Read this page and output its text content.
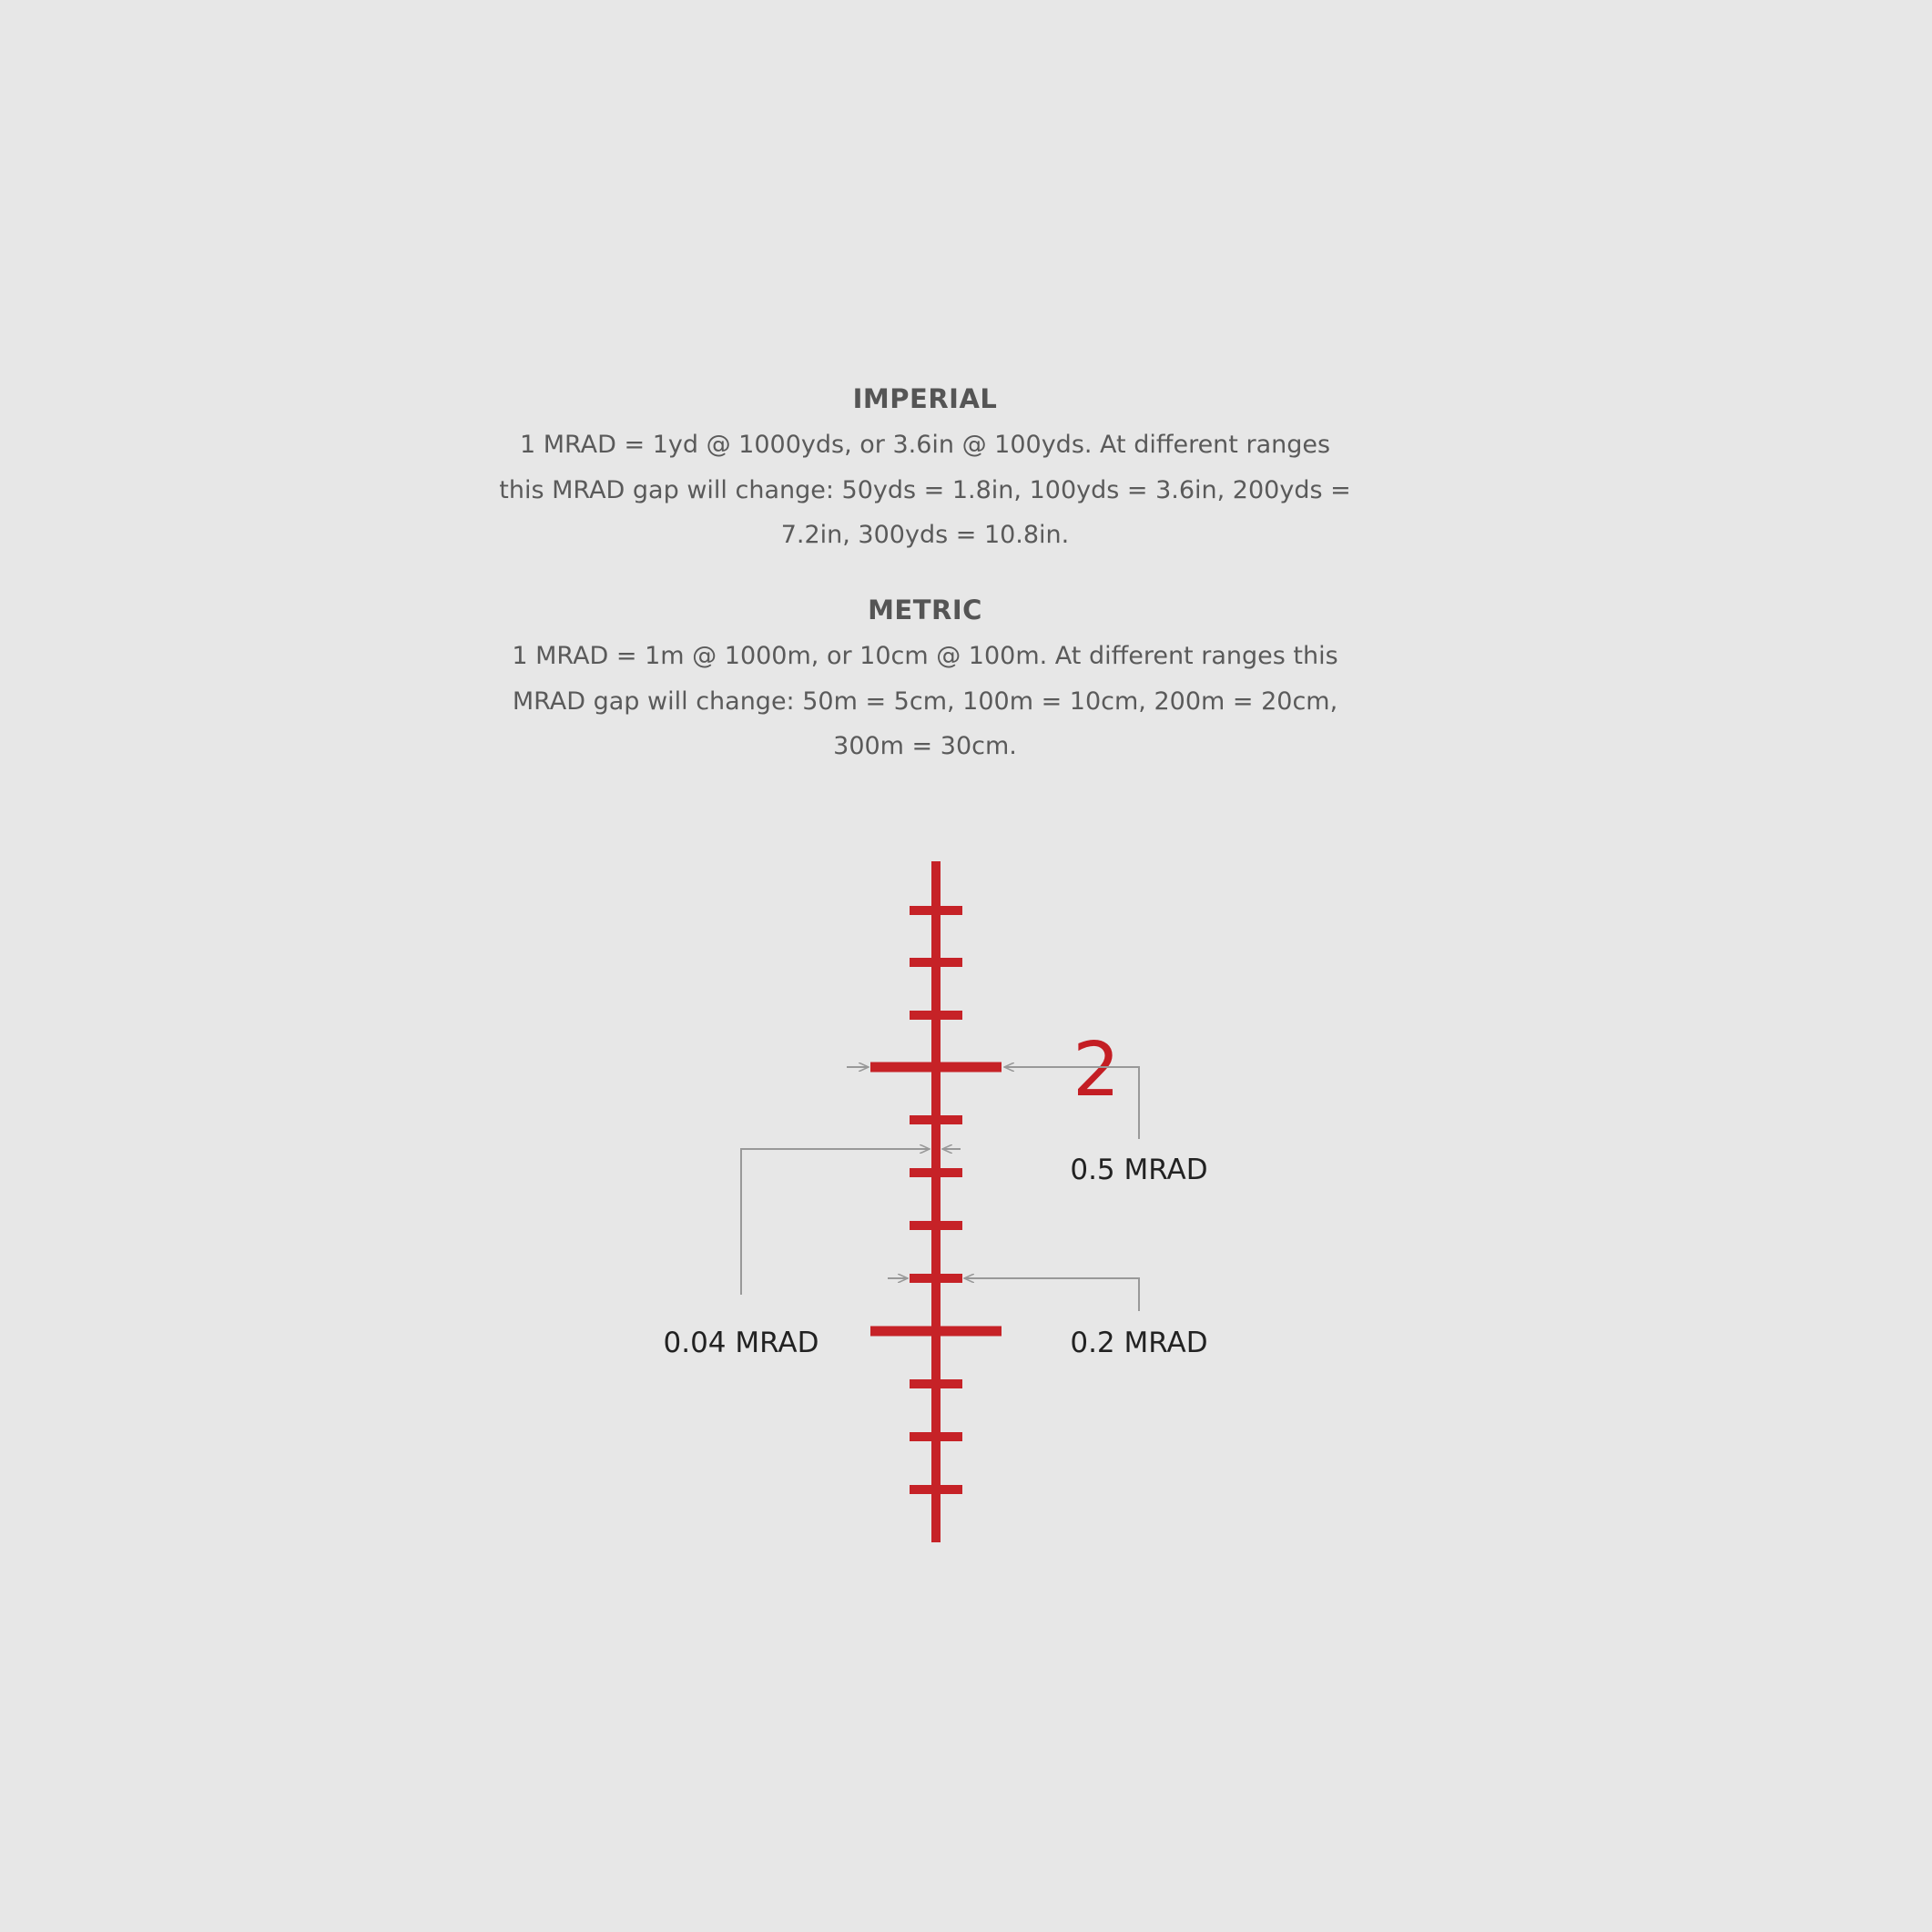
IMPERIAL

1 MRAD = 1yd @ 1000yds, or 3.6in @ 100yds. At different ranges
this MRAD gap will change: 50yds = 1.8in, 100yds = 3.6in, 200yds =
7.2in, 300yds = 10.8in.

METRIC

1 MRAD = 1m @ 1000m, or 10cm @ 100m. At different ranges this
MRAD gap will change: 50m = 5cm, 100m = 10cm, 200m = 20cm,
300m = 30cm.

2
0.5 MRAD
0.04 MRAD	0.2 MRAD
